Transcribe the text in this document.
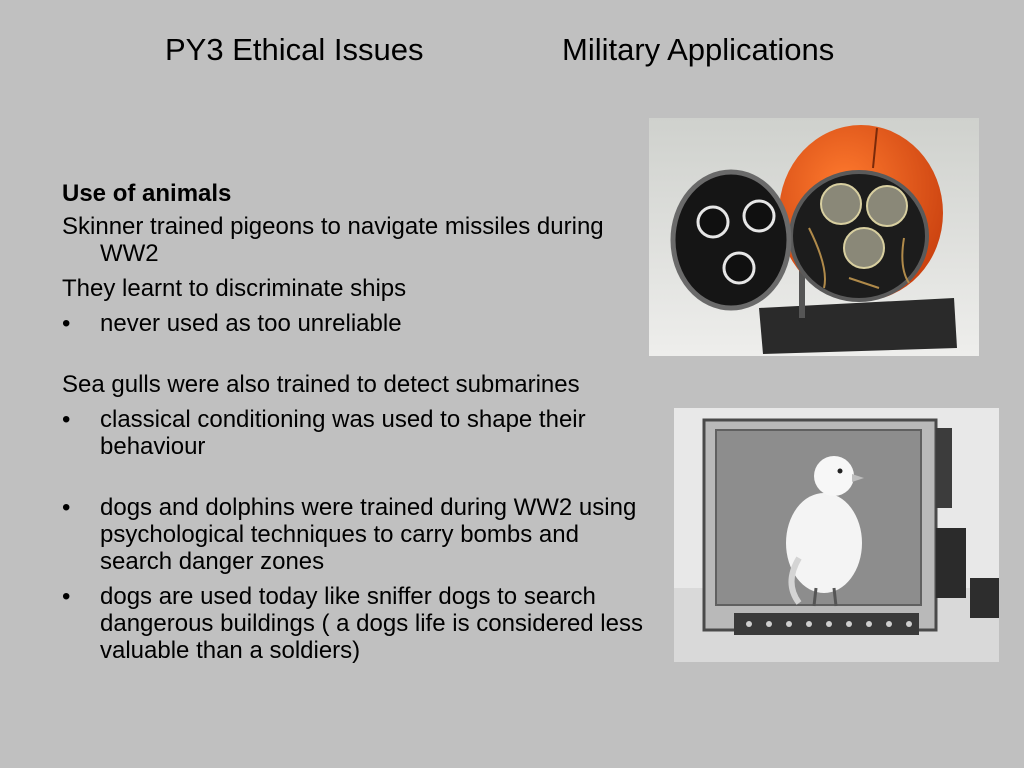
PY3 Ethical Issues	Military Applications
Use of animals
Skinner trained pigeons to navigate missiles during WW2
They learnt to discriminate ships
•	never used as too unreliable
Sea gulls were also trained to detect submarines
•	classical conditioning was used to shape their behaviour
•	dogs and dolphins were trained during WW2 using psychological techniques to carry bombs and search danger zones
•	dogs are used today like sniffer dogs to search dangerous buildings ( a dogs life is considered less valuable than a soldiers)
